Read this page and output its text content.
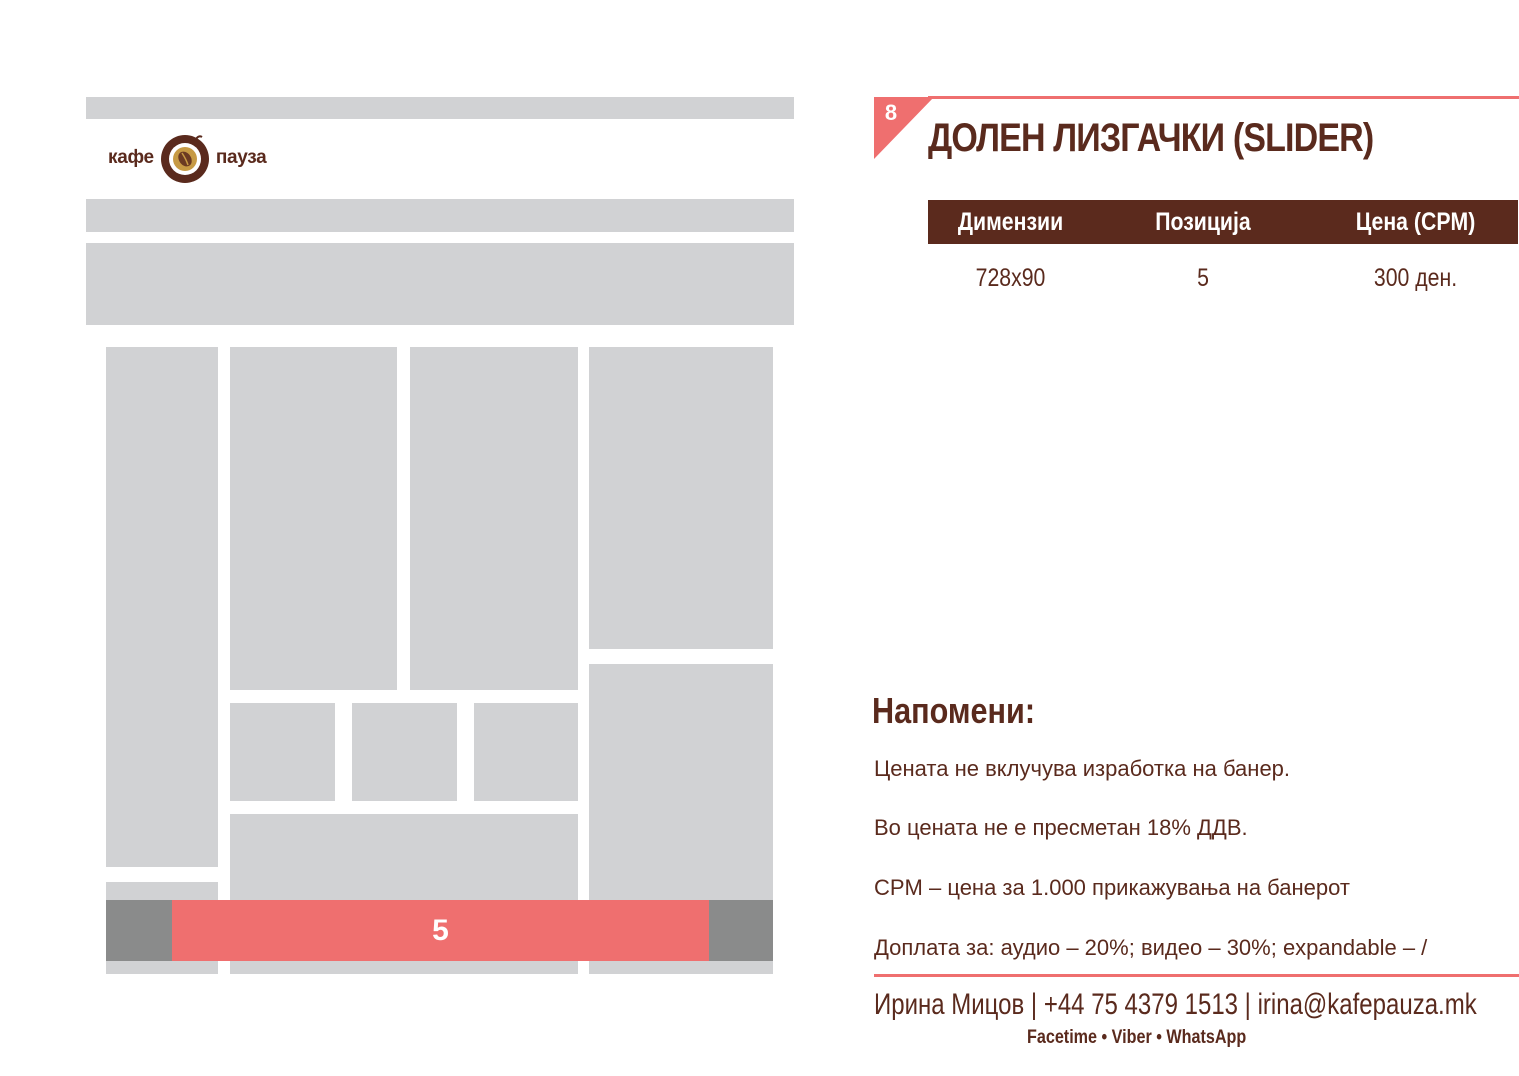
кафе	пауза
5
8
ДОЛЕН ЛИЗГАЧКИ (SLIDER)
Димензии	Позиција	Цена (CPM)
728x90	5	300 ден.
Напомени:
Цената не вклучува изработка на банер.
Во цената не е пресметан 18% ДДВ.
CPM – цена за 1.000 прикажувања на банерот
Доплата за: аудио – 20%; видео – 30%; expandable – /
Ирина Мицов | +44 75 4379 1513 | irina@kafepauza.mk
Facetime • Viber • WhatsApp
